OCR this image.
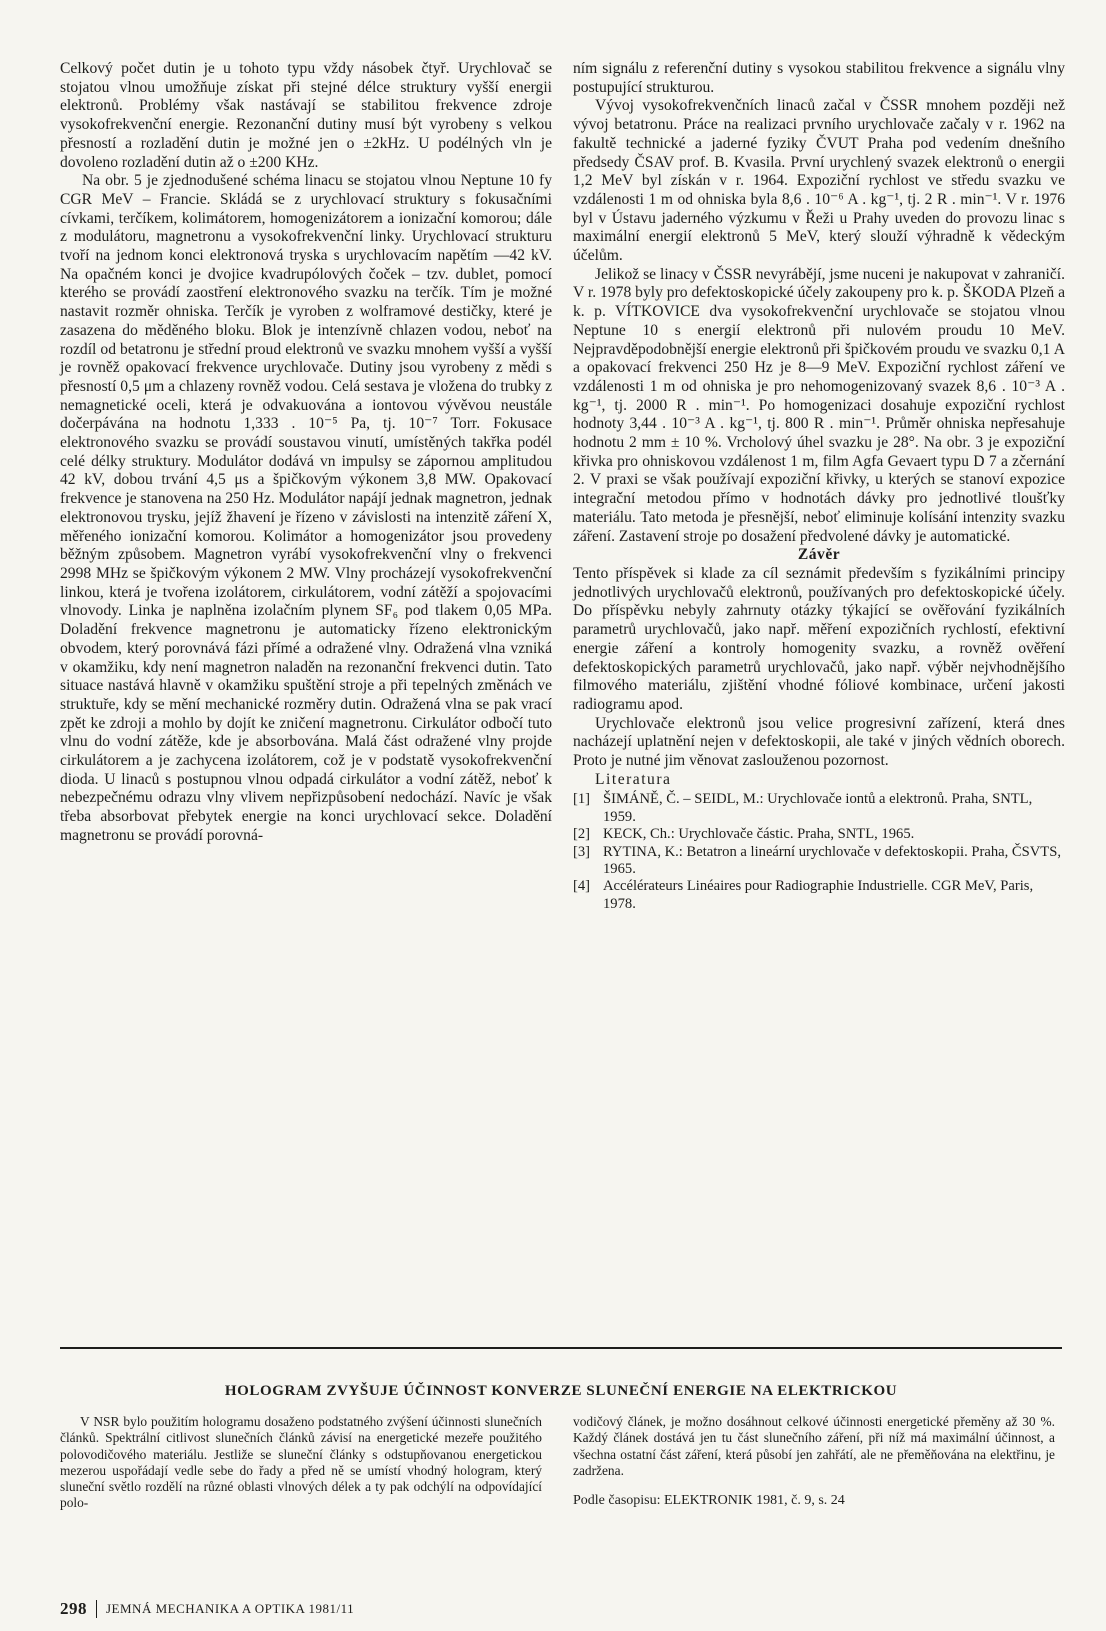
Celkový počet dutin je u tohoto typu vždy násobek čtyř. Urychlovač se stojatou vlnou umožňuje získat při stejné délce struktury vyšší energii elektronů. Problémy však nastávají se stabilitou frekvence zdroje vysokofrekvenční energie. Rezonanční dutiny musí být vyrobeny s velkou přesností a rozladění dutin je možné jen o ±2kHz. U podélných vln je dovoleno rozladění dutin až o ±200 KHz.

Na obr. 5 je zjednodušené schéma linacu se stojatou vlnou Neptune 10 fy CGR MeV – Francie. Skládá se z urychlovací struktury s fokusačními cívkami, terčíkem, kolimátorem, homogenizátorem a ionizační komorou; dále z modulátoru, magnetronu a vysokofrekvenční linky. Urychlovací strukturu tvoří na jednom konci elektronová tryska s urychlovacím napětím —42 kV. Na opačném konci je dvojice kvadrupólových čoček – tzv. dublet, pomocí kterého se provádí zaostření elektronového svazku na terčík. Tím je možné nastavit rozměr ohniska. Terčík je vyroben z wolframové destičky, které je zasazena do měděného bloku. Blok je intenzívně chlazen vodou, neboť na rozdíl od betatronu je střední proud elektronů ve svazku mnohem vyšší a vyšší je rovněž opakovací frekvence urychlovače. Dutiny jsou vyrobeny z mědi s přesností 0,5 μm a chlazeny rovněž vodou. Celá sestava je vložena do trubky z nemagnetické oceli, která je odvakuována a iontovou vývěvou neustále dočerpávána na hodnotu 1,333 . 10⁻⁵ Pa, tj. 10⁻⁷ Torr. Fokusace elektronového svazku se provádí soustavou vinutí, umístěných takřka podél celé délky struktury. Modulátor dodává vn impulsy se zápornou amplitudou 42 kV, dobou trvání 4,5 μs a špičkovým výkonem 3,8 MW. Opakovací frekvence je stanovena na 250 Hz. Modulátor napájí jednak magnetron, jednak elektronovou trysku, jejíž žhavení je řízeno v závislosti na intenzitě záření X, měřeného ionizační komorou. Kolimátor a homogenizátor jsou provedeny běžným způsobem. Magnetron vyrábí vysokofrekvenční vlny o frekvenci 2998 MHz se špičkovým výkonem 2 MW. Vlny procházejí vysokofrekvenční linkou, která je tvořena izolátorem, cirkulátorem, vodní zátěží a spojovacími vlnovody. Linka je naplněna izolačním plynem SF₆ pod tlakem 0,05 MPa. Doladění frekvence magnetronu je automaticky řízeno elektronickým obvodem, který porovnává fázi přímé a odražené vlny. Odražená vlna vzniká v okamžiku, kdy není magnetron naladěn na rezonanční frekvenci dutin. Tato situace nastává hlavně v okamžiku spuštění stroje a při tepelných změnách ve struktuře, kdy se mění mechanické rozměry dutin. Odražená vlna se pak vrací zpět ke zdroji a mohlo by dojít ke zničení magnetronu. Cirkulátor odbočí tuto vlnu do vodní zátěže, kde je absorbována. Malá část odražené vlny projde cirkulátorem a je zachycena izolátorem, což je v podstatě vysokofrekvenční dioda. U linaců s postupnou vlnou odpadá cirkulátor a vodní zátěž, neboť k nebezpečnému odrazu vlny vlivem nepřizpůsobení nedochází. Navíc je však třeba absorbovat přebytek energie na konci urychlovací sekce. Doladění magnetronu se provádí porovná-

ním signálu z referenční dutiny s vysokou stabilitou frekvence a signálu vlny postupující strukturou.

Vývoj vysokofrekvenčních linaců začal v ČSSR mnohem později než vývoj betatronu. Práce na realizaci prvního urychlovače začaly v r. 1962 na fakultě technické a jaderné fyziky ČVUT Praha pod vedením dnešního předsedy ČSAV prof. B. Kvasila. První urychlený svazek elektronů o energii 1,2 MeV byl získán v r. 1964. Expoziční rychlost ve středu svazku ve vzdálenosti 1 m od ohniska byla 8,6 . 10⁻⁶ A . kg⁻¹, tj. 2 R . min⁻¹. V r. 1976 byl v Ústavu jaderného výzkumu v Řeži u Prahy uveden do provozu linac s maximální energií elektronů 5 MeV, který slouží výhradně k vědeckým účelům.

Jelikož se linacy v ČSSR nevyrábějí, jsme nuceni je nakupovat v zahraničí. V r. 1978 byly pro defektoskopické účely zakoupeny pro k. p. ŠKODA Plzeň a k. p. VÍTKOVICE dva vysokofrekvenční urychlovače se stojatou vlnou Neptune 10 s energií elektronů při nulovém proudu 10 MeV. Nejpravděpodobnější energie elektronů při špičkovém proudu ve svazku 0,1 A a opakovací frekvenci 250 Hz je 8—9 MeV. Expoziční rychlost záření ve vzdálenosti 1 m od ohniska je pro nehomogenizovaný svazek 8,6 . 10⁻³ A . kg⁻¹, tj. 2000 R . min⁻¹. Po homogenizaci dosahuje expoziční rychlost hodnoty 3,44 . 10⁻³ A . kg⁻¹, tj. 800 R . min⁻¹. Průměr ohniska nepřesahuje hodnotu 2 mm ± 10 %. Vrcholový úhel svazku je 28°. Na obr. 3 je expoziční křivka pro ohniskovou vzdálenost 1 m, film Agfa Gevaert typu D 7 a zčernání 2. V praxi se však používají expoziční křivky, u kterých se stanoví expozice integrační metodou přímo v hodnotách dávky pro jednotlivé tloušťky materiálu. Tato metoda je přesnější, neboť eliminuje kolísání intenzity svazku záření. Zastavení stroje po dosažení předvolené dávky je automatické.

Závěr

Tento příspěvek si klade za cíl seznámit především s fyzikálními principy jednotlivých urychlovačů elektronů, používaných pro defektoskopické účely. Do příspěvku nebyly zahrnuty otázky týkající se ověřování fyzikálních parametrů urychlovačů, jako např. měření expozičních rychlostí, efektivní energie záření a kontroly homogenity svazku, a rovněž ověření defektoskopických parametrů urychlovačů, jako např. výběr nejvhodnějšího filmového materiálu, zjištění vhodné fóliové kombinace, určení jakosti radiogramu apod.

Urychlovače elektronů jsou velice progresivní zařízení, která dnes nacházejí uplatnění nejen v defektoskopii, ale také v jiných vědních oborech. Proto je nutné jim věnovat zaslouženou pozornost.

Literatura

[1] ŠIMÁNĚ, Č. – SEIDL, M.: Urychlovače iontů a elektronů. Praha, SNTL, 1959.
[2] KECK, Ch.: Urychlovače částic. Praha, SNTL, 1965.
[3] RYTINA, K.: Betatron a lineární urychlovače v defektoskopii. Praha, ČSVTS, 1965.
[4] Accélérateurs Linéaires pour Radiographie Industrielle. CGR MeV, Paris, 1978.
HOLOGRAM ZVYŠUJE ÚČINNOST KONVERZE SLUNEČNÍ ENERGIE NA ELEKTRICKOU

V NSR bylo použitím hologramu dosaženo podstatného zvýšení účinnosti slunečních článků. Spektrální citlivost slunečních článků závisí na energetické mezeře použitého polovodičového materiálu. Jestliže se sluneční články s odstupňovanou energetickou mezerou uspořádají vedle sebe do řady a před ně se umístí vhodný hologram, který sluneční světlo rozdělí na různé oblasti vlnových délek a ty pak odchýlí na odpovídající polo-

vodičový článek, je možno dosáhnout celkové účinnosti energetické přeměny až 30 %. Každý článek dostává jen tu část slunečního záření, při níž má maximální účinnost, a všechna ostatní část záření, která působí jen zahřátí, ale ne přeměňována na elektřinu, je zadržena.

Podle časopisu: ELEKTRONIK 1981, č. 9, s. 24

298 JEMNÁ MECHANIKA A OPTIKA 1981/11
